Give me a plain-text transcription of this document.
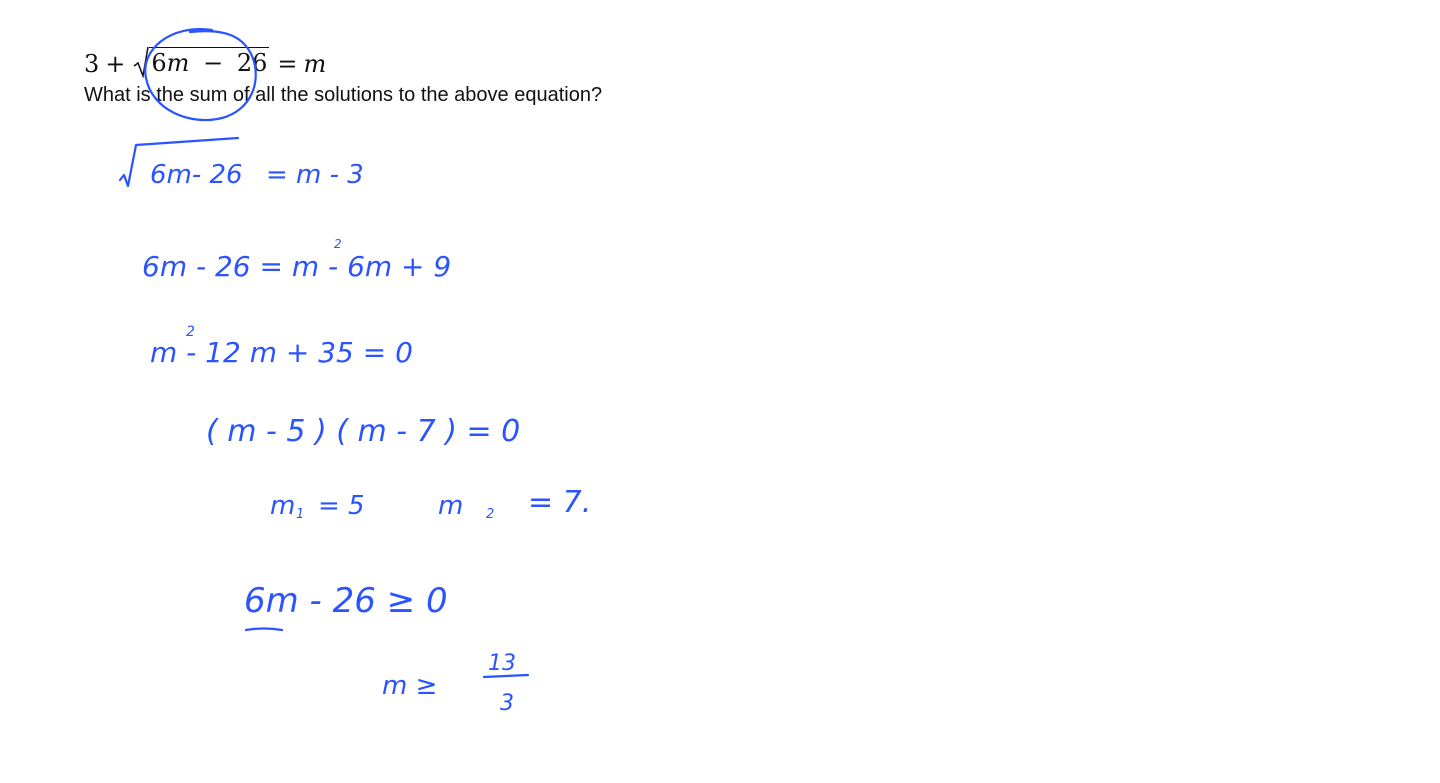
3 + 6m − 26 = m
What is the sum of all the solutions to the above equation?
6m- 26 = m - 3
6m - 26 = m - 6m + 9
2
m - 12 m + 35 = 0
2
( m - 5 ) ( m - 7 ) = 0
m 1 = 5	m 2 = 7.
6m - 26 ≥ 0
m ≥
13
3
